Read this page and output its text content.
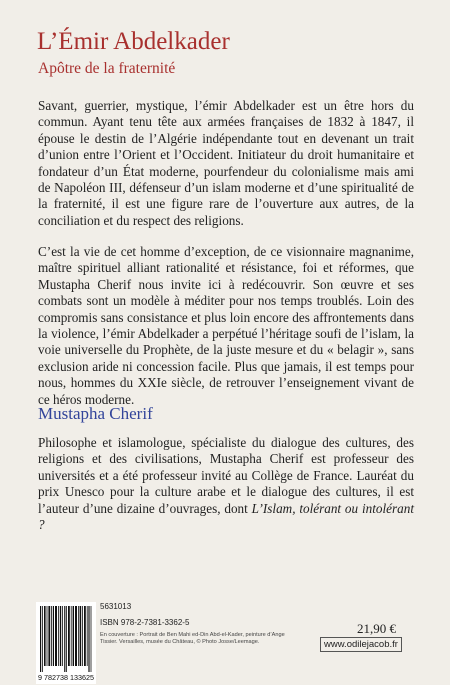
L’Émir Abdelkader
Apôtre de la fraternité

Savant, guerrier, mystique, l’émir Abdelkader est un être hors du commun. Ayant tenu tête aux armées françaises de 1832 à 1847, il épouse le destin de l’Algérie indépendante tout en devenant un trait d’union entre l’Orient et l’Occident. Initiateur du droit humanitaire et fondateur d’un État moderne, pourfendeur du colonialisme mais ami de Napoléon III, défenseur d’un islam moderne et d’une spiritualité de la fraternité, il est une figure rare de l’ouverture aux autres, de la conciliation et du respect des religions.

C’est la vie de cet homme d’exception, de ce visionnaire magnanime, maître spirituel alliant rationalité et résistance, foi et réformes, que Mustapha Cherif nous invite ici à redécouvrir. Son œuvre et ses combats sont un modèle à méditer pour nos temps troublés. Loin des compromis sans consistance et plus loin encore des affrontements dans la violence, l’émir Abdelkader a perpétué l’héritage soufi de l’islam, la voie universelle du Prophète, de la juste mesure et du « belagir », sans exclusion aride ni concession facile. Plus que jamais, il est temps pour nous, hommes du XXIe siècle, de retrouver l’enseignement vivant de ce héros moderne.

Mustapha Cherif

Philosophe et islamologue, spécialiste du dialogue des cultures, des religions et des civilisations, Mustapha Cherif est professeur des universités et a été professeur invité au Collège de France. Lauréat du prix Unesco pour la culture arabe et le dialogue des cultures, il est l’auteur d’une dizaine d’ouvrages, dont L’Islam, tolérant ou intolérant ?

9 782738 133625
5631013
ISBN 978-2-7381-3362-5
En couverture : Portrait de Ben Mahi ed-Din Abd-el-Kader, peinture d’Ange Tissier. Versailles, musée du Château, © Photo Josse/Leemage.
21,90 €
www.odilejacob.fr
